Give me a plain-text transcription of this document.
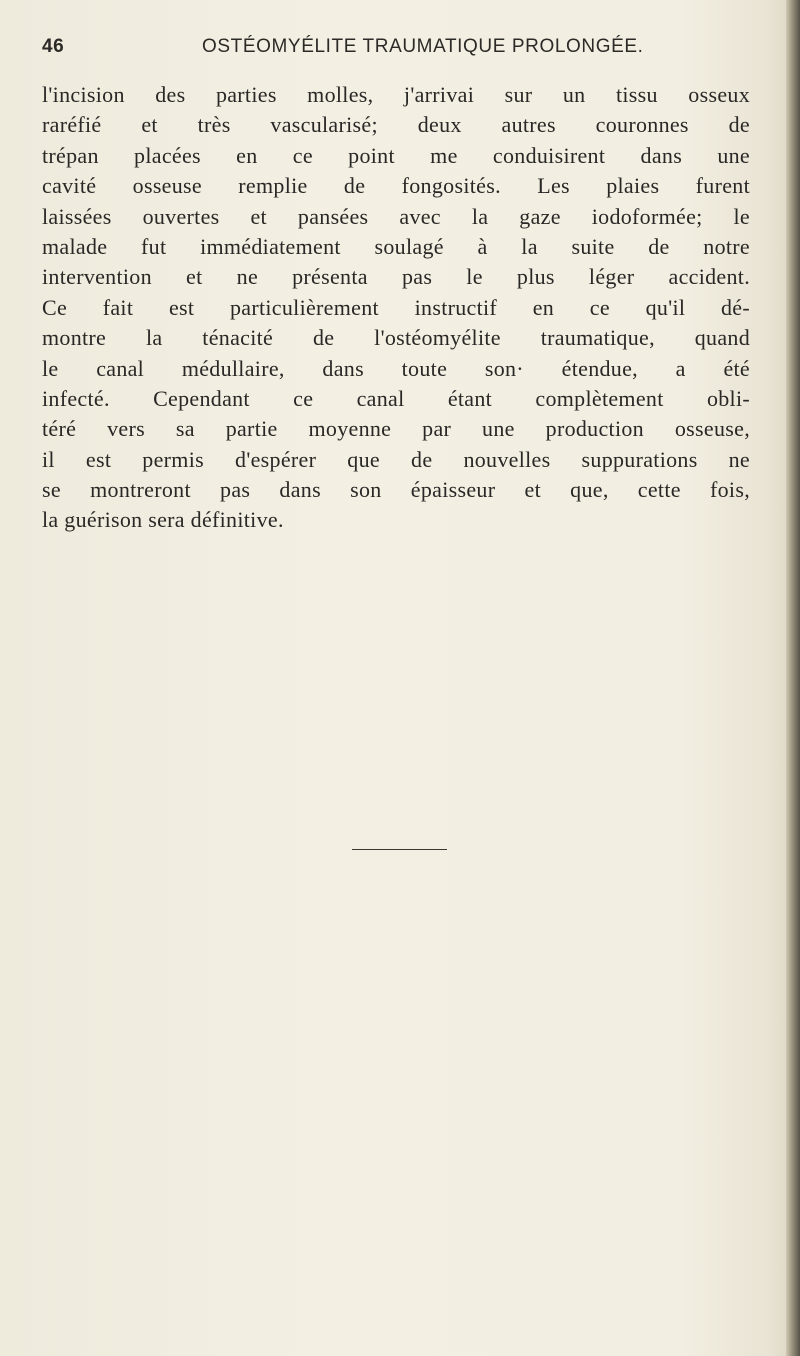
46	OSTÉOMYÉLITE TRAUMATIQUE PROLONGÉE.
l'incision des parties molles, j'arrivai sur un tissu osseux
raréfié et très vascularisé; deux autres couronnes de
trépan placées en ce point me conduisirent dans une
cavité osseuse remplie de fongosités. Les plaies furent
laissées ouvertes et pansées avec la gaze iodoformée; le
malade fut immédiatement soulagé à la suite de notre
intervention et ne présenta pas le plus léger accident.
Ce fait est particulièrement instructif en ce qu'il dé-
montre la ténacité de l'ostéomyélite traumatique, quand
le canal médullaire, dans toute son· étendue, a été
infecté. Cependant ce canal étant complètement obli-
téré vers sa partie moyenne par une production osseuse,
il est permis d'espérer que de nouvelles suppurations ne
se montreront pas dans son épaisseur et que, cette fois,
la guérison sera définitive.
